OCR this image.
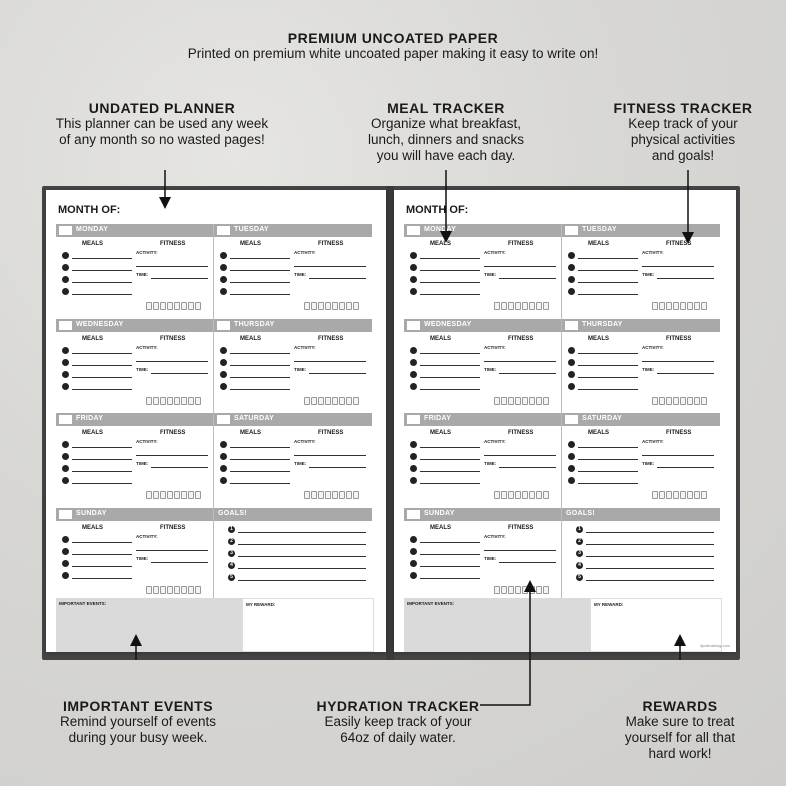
PREMIUM UNCOATED PAPER
Printed on premium white uncoated paper making it easy to write on!
UNDATED PLANNER
This planner can be used any week
of any month so no wasted pages!
MEAL TRACKER
Organize what breakfast,
lunch, dinners and snacks
you will have each day.
FITNESS TRACKER
Keep track of your
physical activities
and goals!
IMPORTANT EVENTS
Remind yourself of events
during your busy week.
HYDRATION TRACKER
Easily keep track of your
64oz of daily water.
REWARDS
Make sure to treat
yourself for all that
hard work!
MONTH OF:
MONDAY
MEALS	FITNESS
ACTIVITY:
TIME:
TUESDAY
MEALS	FITNESS
ACTIVITY:
TIME:
WEDNESDAY
MEALS	FITNESS
ACTIVITY:
TIME:
THURSDAY
MEALS	FITNESS
ACTIVITY:
TIME:
FRIDAY
MEALS	FITNESS
ACTIVITY:
TIME:
SATURDAY
MEALS	FITNESS
ACTIVITY:
TIME:
SUNDAY
MEALS	FITNESS
ACTIVITY:
TIME:
GOALS!
1
2
3
4
5
IMPORTANT EVENTS:	MY REWARD:
MONTH OF:
MONDAY
MEALS	FITNESS
ACTIVITY:
TIME:
TUESDAY
MEALS	FITNESS
ACTIVITY:
TIME:
WEDNESDAY
MEALS	FITNESS
ACTIVITY:
TIME:
THURSDAY
MEALS	FITNESS
ACTIVITY:
TIME:
FRIDAY
MEALS	FITNESS
ACTIVITY:
TIME:
SATURDAY
MEALS	FITNESS
ACTIVITY:
TIME:
SUNDAY
MEALS	FITNESS
ACTIVITY:
TIME:
GOALS!
1
2
3
4
5
IMPORTANT EVENTS:	MY REWARD:
#justmaking.com
